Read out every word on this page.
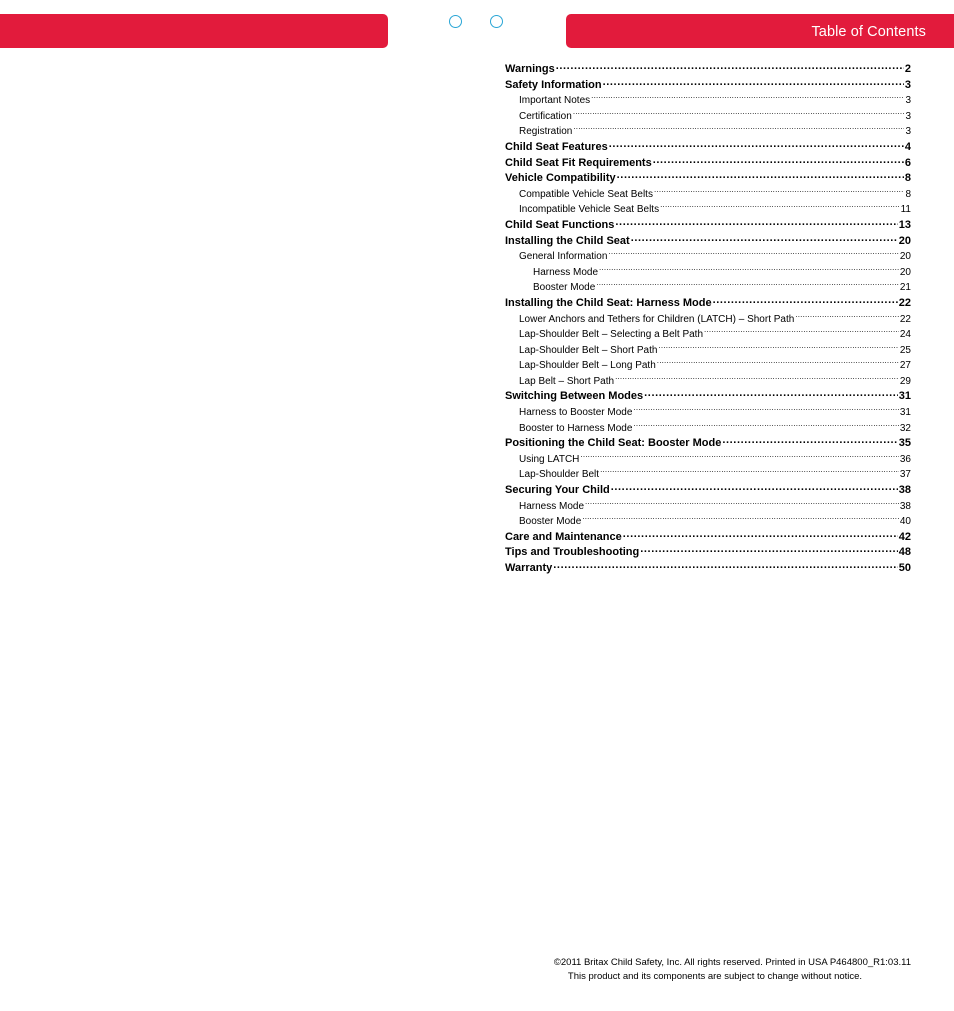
Table of Contents
Warnings .....	2
Safety Information .....	3
Important Notes .....	3
Certification .....	3
Registration .....	3
Child Seat Features .....	4
Child Seat Fit Requirements .....	6
Vehicle Compatibility .....	8
Compatible Vehicle Seat Belts .....	8
Incompatible Vehicle Seat Belts .....	11
Child Seat Functions .....	13
Installing the Child Seat .....	20
General Information .....	20
Harness Mode .....	20
Booster Mode .....	21
Installing the Child Seat: Harness Mode .....	22
Lower Anchors and Tethers for Children (LATCH) – Short Path .....	22
Lap-Shoulder Belt – Selecting a Belt Path .....	24
Lap-Shoulder Belt – Short Path .....	25
Lap-Shoulder Belt – Long Path .....	27
Lap Belt – Short Path .....	29
Switching Between Modes .....	31
Harness to Booster Mode .....	31
Booster to Harness Mode .....	32
Positioning the Child Seat: Booster Mode .....	35
Using LATCH .....	36
Lap-Shoulder Belt .....	37
Securing Your Child .....	38
Harness Mode .....	38
Booster Mode .....	40
Care and Maintenance .....	42
Tips and Troubleshooting .....	48
Warranty .....	50
©2011 Britax Child Safety, Inc. All rights reserved. Printed in USA P464800_R1:03.11
This product and its components are subject to change without notice.
